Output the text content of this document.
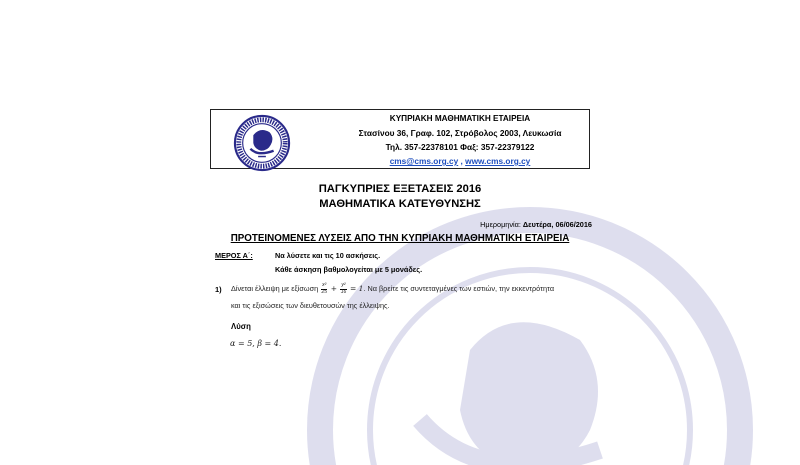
ΚΥΠΡΙΑΚΗ ΜΑΘΗΜΑΤΙΚΗ ΕΤΑΙΡΕΙΑ
Στασίνου 36, Γραφ. 102, Στρόβολος 2003, Λευκωσία
Τηλ. 357-22378101 Φαξ: 357-22379122
cms@cms.org.cy , www.cms.org.cy
ΠΑΓΚΥΠΡΙΕΣ ΕΞΕΤΑΣΕΙΣ 2016
ΜΑΘΗΜΑΤΙΚΑ ΚΑΤΕΥΘΥΝΣΗΣ
Ημερομηνία: Δευτέρα, 06/06/2016
ΠΡΟΤΕΙΝΟΜΕΝΕΣ ΛΥΣΕΙΣ ΑΠΟ ΤΗΝ ΚΥΠΡΙΑΚΗ ΜΑΘΗΜΑΤΙΚΗ ΕΤΑΙΡΕΙΑ
ΜΕΡΟΣ Α΄:	Να λύσετε και τις 10 ασκήσεις.
Κάθε άσκηση βαθμολογείται με 5 μονάδες.
1) Δίνεται έλλειψη με εξίσωση $\frac{\text{x²}}{25} + \frac{\text{y²}}{16} = 1$. Να βρείτε τις συντεταγμένες των εστιών, την εκκεντρότητα
και τις εξισώσεις των διευθετουσών της έλλειψης.
Λύση
α = 5, β = 4.
